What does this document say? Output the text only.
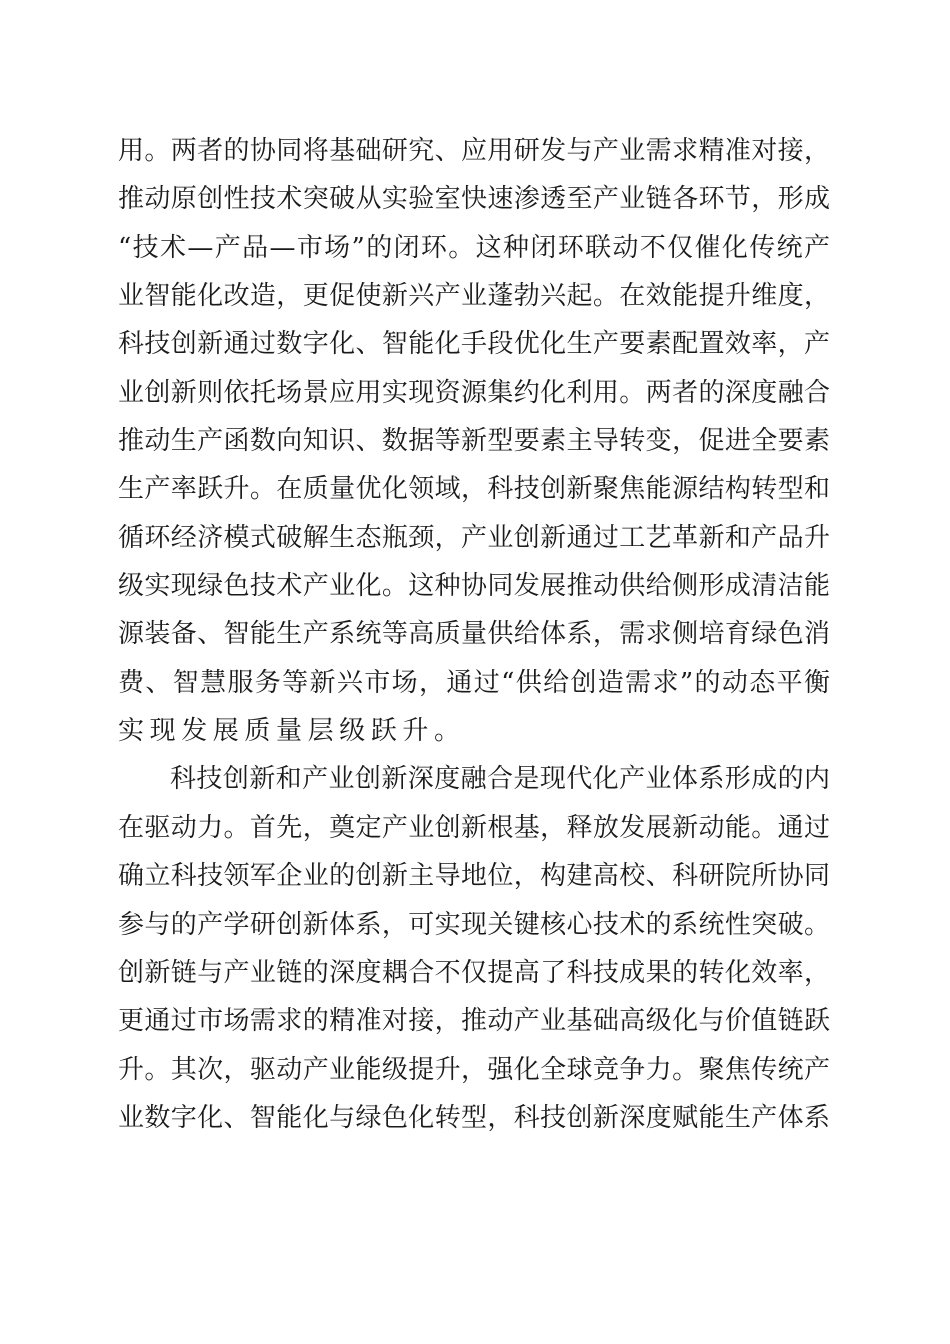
用。两者的协同将基础研究、应用研发与产业需求精准对接，
推动原创性技术突破从实验室快速渗透至产业链各环节，形成
“技术—产品—市场”的闭环。这种闭环联动不仅催化传统产
业智能化改造，更促使新兴产业蓬勃兴起。在效能提升维度，
科技创新通过数字化、智能化手段优化生产要素配置效率，产
业创新则依托场景应用实现资源集约化利用。两者的深度融合
推动生产函数向知识、数据等新型要素主导转变，促进全要素
生产率跃升。在质量优化领域，科技创新聚焦能源结构转型和
循环经济模式破解生态瓶颈，产业创新通过工艺革新和产品升
级实现绿色技术产业化。这种协同发展推动供给侧形成清洁能
源装备、智能生产系统等高质量供给体系，需求侧培育绿色消
费、智慧服务等新兴市场，通过“供给创造需求”的动态平衡
实现发展质量层级跃升。
科技创新和产业创新深度融合是现代化产业体系形成的内
在驱动力。首先，奠定产业创新根基，释放发展新动能。通过
确立科技领军企业的创新主导地位，构建高校、科研院所协同
参与的产学研创新体系，可实现关键核心技术的系统性突破。
创新链与产业链的深度耦合不仅提高了科技成果的转化效率，
更通过市场需求的精准对接，推动产业基础高级化与价值链跃
升。其次，驱动产业能级提升，强化全球竞争力。聚焦传统产
业数字化、智能化与绿色化转型，科技创新深度赋能生产体系
